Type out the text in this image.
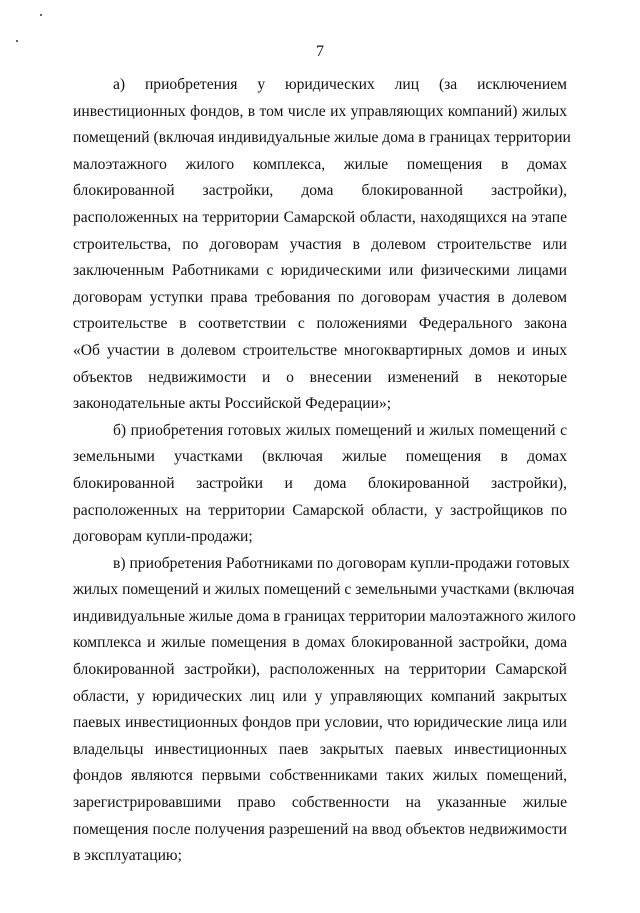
7
а) приобретения у юридических лиц (за исключением
инвестиционных фондов, в том числе их управляющих компаний) жилых
помещений (включая индивидуальные жилые дома в границах территории
малоэтажного жилого комплекса, жилые помещения в домах
блокированной застройки, дома блокированной застройки),
расположенных на территории Самарской области, находящихся на этапе
строительства, по договорам участия в долевом строительстве или
заключенным Работниками с юридическими или физическими лицами
договорам уступки права требования по договорам участия в долевом
строительстве в соответствии с положениями Федерального закона
«Об участии в долевом строительстве многоквартирных домов и иных
объектов недвижимости и о внесении изменений в некоторые
законодательные акты Российской Федерации»;
б) приобретения готовых жилых помещений и жилых помещений с
земельными участками (включая жилые помещения в домах
блокированной застройки и дома блокированной застройки),
расположенных на территории Самарской области, у застройщиков по
договорам купли-продажи;
в) приобретения Работниками по договорам купли-продажи готовых
жилых помещений и жилых помещений с земельными участками (включая
индивидуальные жилые дома в границах территории малоэтажного жилого
комплекса и жилые помещения в домах блокированной застройки, дома
блокированной застройки), расположенных на территории Самарской
области, у юридических лиц или у управляющих компаний закрытых
паевых инвестиционных фондов при условии, что юридические лица или
владельцы инвестиционных паев закрытых паевых инвестиционных
фондов являются первыми собственниками таких жилых помещений,
зарегистрировавшими право собственности на указанные жилые
помещения после получения разрешений на ввод объектов недвижимости
в эксплуатацию;
